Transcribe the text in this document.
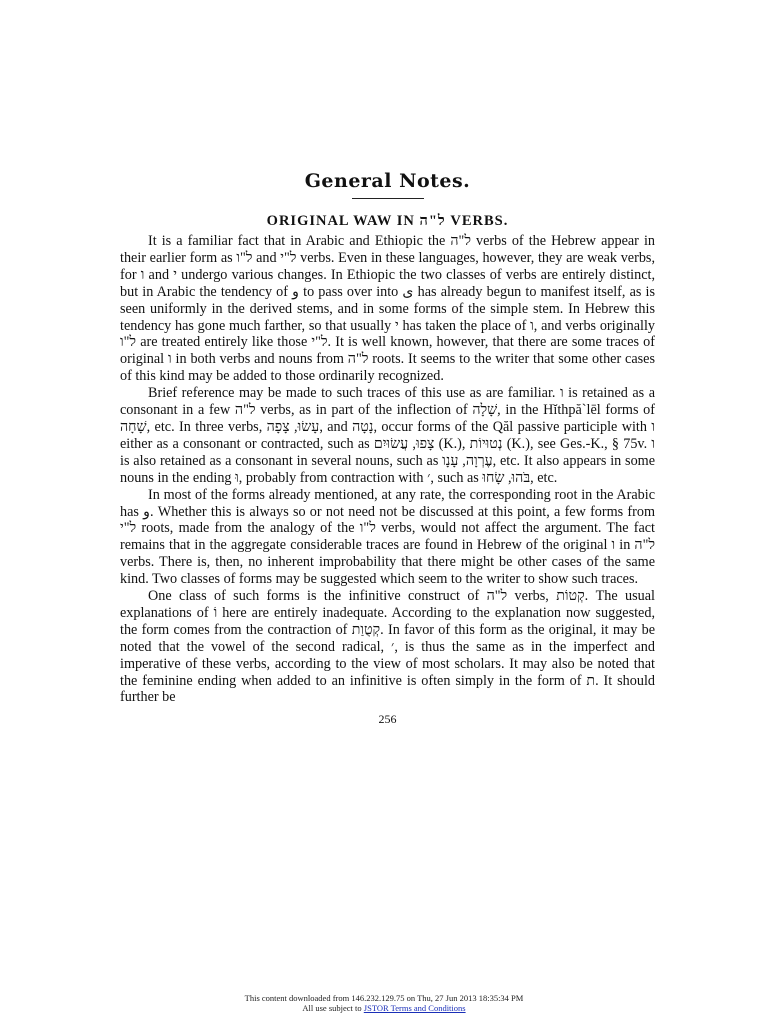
General Notes.
ORIGINAL WAW IN ל"ה VERBS.

It is a familiar fact that in Arabic and Ethiopic the ל"ה verbs of the Hebrew appear in their earlier form as ל"ו and ל"י verbs. Even in these languages, however, they are weak verbs, for ו and י undergo various changes. In Ethiopic the two classes of verbs are entirely distinct, but in Arabic the tendency of و to pass over into ى has already begun to manifest itself, as is seen uniformly in the derived stems, and in some forms of the simple stem. In Hebrew this tendency has gone much farther, so that usually י has taken the place of ו, and verbs originally ל"ו are treated entirely like those ל"י. It is well known, however, that there are some traces of original ו in both verbs and nouns from ל"ה roots. It seems to the writer that some other cases of this kind may be added to those ordinarily recognized.

Brief reference may be made to such traces of this use as are familiar. ו is retained as a consonant in a few ל"ה verbs, as in part of the inflection of שָׁלָה, in the Hĭthpă`lēl forms of שָׁחָה, etc. In three verbs, עָשׂוּ, צָפָה, and נָטָה, occur forms of the Qăl passive participle with ו either as a consonant or contracted, such as צָפוּ, עֲשׂוּיִם (K.), נְטוּיוֹת (K.), see Ges.-K., § 75v. ו is also retained as a consonant in several nouns, such as עֶרְוָה, עָנָו, etc. It also appears in some nouns in the ending וּ, probably from contraction with ׳, such as בֹּהוּ, שָׂחוּ, etc.

In most of the forms already mentioned, at any rate, the corresponding root in the Arabic has و. Whether this is always so or not need not be discussed at this point, a few forms from ל"י roots, made from the analogy of the ל"ו verbs, would not affect the argument. The fact remains that in the aggregate considerable traces are found in Hebrew of the original ו in ל"ה verbs. There is, then, no inherent improbability that there might be other cases of the same kind. Two classes of forms may be suggested which seem to the writer to show such traces.

One class of such forms is the infinitive construct of ל"ה verbs, קְטוֹת. The usual explanations of וֹ here are entirely inadequate. According to the explanation now suggested, the form comes from the contraction of קְטֻוַת. In favor of this form as the original, it may be noted that the vowel of the second radical, ׳, is thus the same as in the imperfect and imperative of these verbs, according to the view of most scholars. It may also be noted that the feminine ending when added to an infinitive is often simply in the form of ת. It should further be

256
This content downloaded from 146.232.129.75 on Thu, 27 Jun 2013 18:35:34 PM
All use subject to JSTOR Terms and Conditions
